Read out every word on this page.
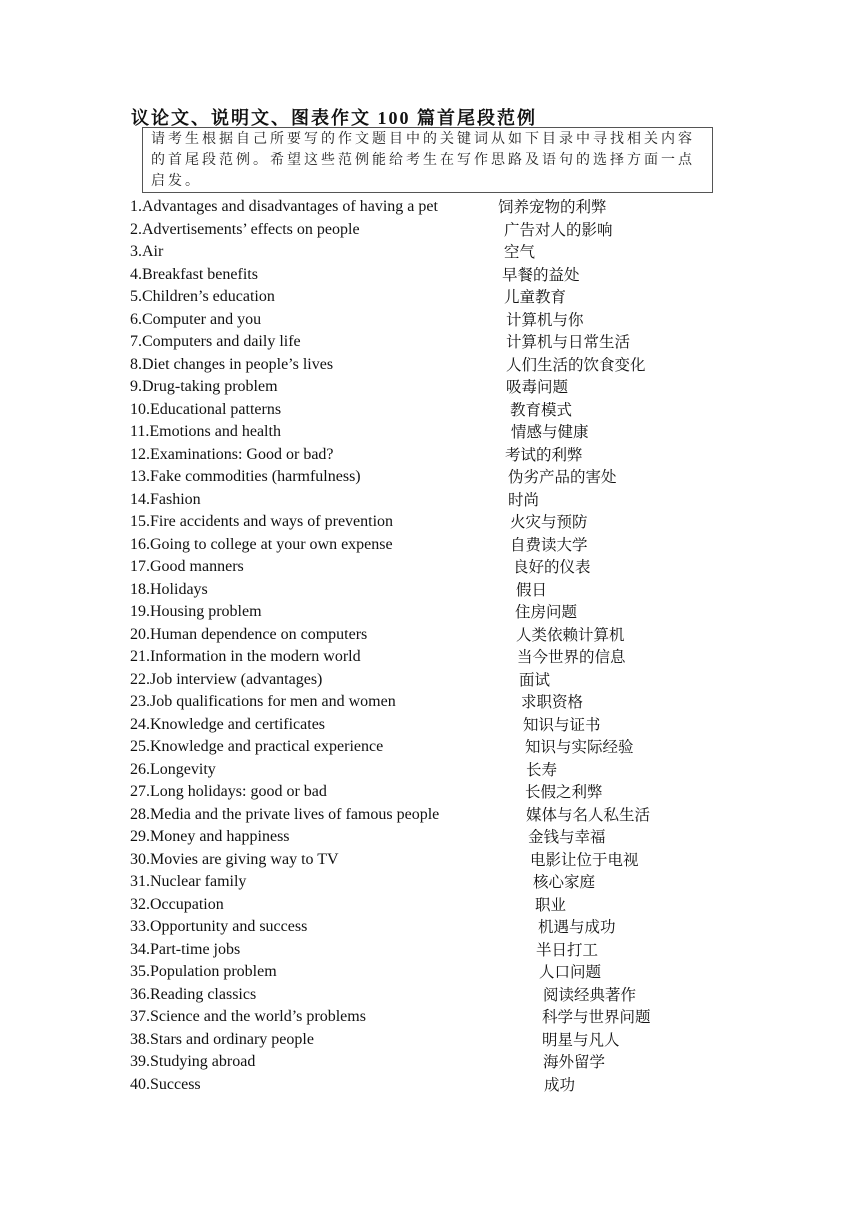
议论文、说明文、图表作文 100 篇首尾段范例
请考生根据自己所要写的作文题目中的关键词从如下目录中寻找相关内容的首尾段范例。希望这些范例能给考生在写作思路及语句的选择方面一点启发。
1.Advantages and disadvantages of having a pet	饲养宠物的利弊
2.Advertisements’ effects on people	广告对人的影响
3.Air	空气
4.Breakfast benefits	早餐的益处
5.Children’s education	儿童教育
6.Computer and you	计算机与你
7.Computers and daily life	计算机与日常生活
8.Diet changes in people’s lives	人们生活的饮食变化
9.Drug-taking problem	吸毒问题
10.Educational patterns	教育模式
11.Emotions and health	情感与健康
12.Examinations: Good or bad?	考试的利弊
13.Fake commodities (harmfulness)	伪劣产品的害处
14.Fashion	时尚
15.Fire accidents and ways of prevention	火灾与预防
16.Going to college at your own expense	自费读大学
17.Good manners	良好的仪表
18.Holidays	假日
19.Housing problem	住房问题
20.Human dependence on computers	人类依赖计算机
21.Information in the modern world	当今世界的信息
22.Job interview (advantages)	面试
23.Job qualifications for men and women	求职资格
24.Knowledge and certificates	知识与证书
25.Knowledge and practical experience	知识与实际经验
26.Longevity	长寿
27.Long holidays: good or bad	长假之利弊
28.Media and the private lives of famous people	媒体与名人私生活
29.Money and happiness	金钱与幸福
30.Movies are giving way to TV	电影让位于电视
31.Nuclear family	核心家庭
32.Occupation	职业
33.Opportunity and success	机遇与成功
34.Part-time jobs	半日打工
35.Population problem	人口问题
36.Reading classics	阅读经典著作
37.Science and the world’s problems	科学与世界问题
38.Stars and ordinary people	明星与凡人
39.Studying abroad	海外留学
40.Success	成功
